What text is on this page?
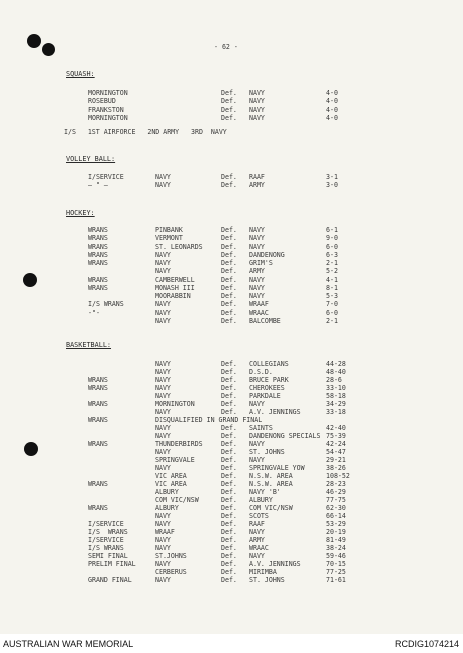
- 62 -
SQUASH:
MORNINGTON	Def. NAVY	4-0
ROSEBUD	Def. NAVY	4-0
FRANKSTON	Def. NAVY	4-0
MORNINGTON	Def. NAVY	4-0
I/S   1ST AIRFORCE   2ND ARMY   3RD  NAVY
VOLLEY BALL:
I/SERVICE	NAVY	Def. RAAF	3-1
– " –	NAVY	Def. ARMY	3-0
HOCKEY:
WRANS	PINBANK	Def. NAVY	6-1
WRANS	VERMONT	Def. NAVY	9-0
WRANS	ST. LEONARDS	Def. NAVY	6-0
WRANS	NAVY	Def. DANDENONG	6-3
WRANS	NAVY	Def. GRIM'S	2-1
NAVY	Def. ARMY	5-2
WRANS	CAMBERWELL	Def. NAVY	4-1
WRANS	MONASH III	Def. NAVY	8-1
MOORABBIN	Def. NAVY	5-3
I/S WRANS	NAVY	Def. WRAAF	7-0
-"-	NAVY	Def. WRAAC	6-0
NAVY	Def. BALCOMBE	2-1
BASKETBALL:
NAVY	Def. COLLEGIANS	44-28
NAVY	Def. D.S.D.	48-40
WRANS	NAVY	Def. BRUCE PARK	28-6
WRANS	NAVY	Def. CHEROKEES	33-10
NAVY	Def. PARKDALE	58-18
WRANS	MORNINGTON	Def. NAVY	34-29
NAVY	Def. A.V. JENNINGS	33-18
WRANS	DISQUALIFIED IN GRAND FINAL
NAVY	Def. SAINTS	42-40
NAVY	Def. DANDENONG SPECIALS 75-39
WRANS	THUNDERBIRDS	Def. NAVY	42-24
NAVY	Def. ST. JOHNS	54-47
SPRINGVALE	Def. NAVY	29-21
NAVY	Def. SPRINGVALE YOW	38-26
VIC AREA	Def. N.S.W. AREA	108-52
WRANS	VIC AREA	Def. N.S.W. AREA	28-23
ALBURY	Def. NAVY 'B'	46-29
COM VIC/NSW	Def. ALBURY	77-75
WRANS	ALBURY	Def. COM VIC/NSW	62-30
NAVY	Def. SCOTS	66-14
I/SERVICE	NAVY	Def. RAAF	53-29
I/S  WRANS	WRAAF	Def. NAVY	20-19
I/SERVICE	NAVY	Def. ARMY	81-49
I/S WRANS	NAVY	Def. WRAAC	38-24
SEMI FINAL	ST.JOHNS	Def. NAVY	59-46
PRELIM FINAL	NAVY	Def. A.V. JENNINGS	70-15
CERBERUS	Def. MIRIMBA	77-25
GRAND FINAL	NAVY	Def. ST. JOHNS	71-61
AUSTRALIAN WAR MEMORIAL	RCDIG1074214
